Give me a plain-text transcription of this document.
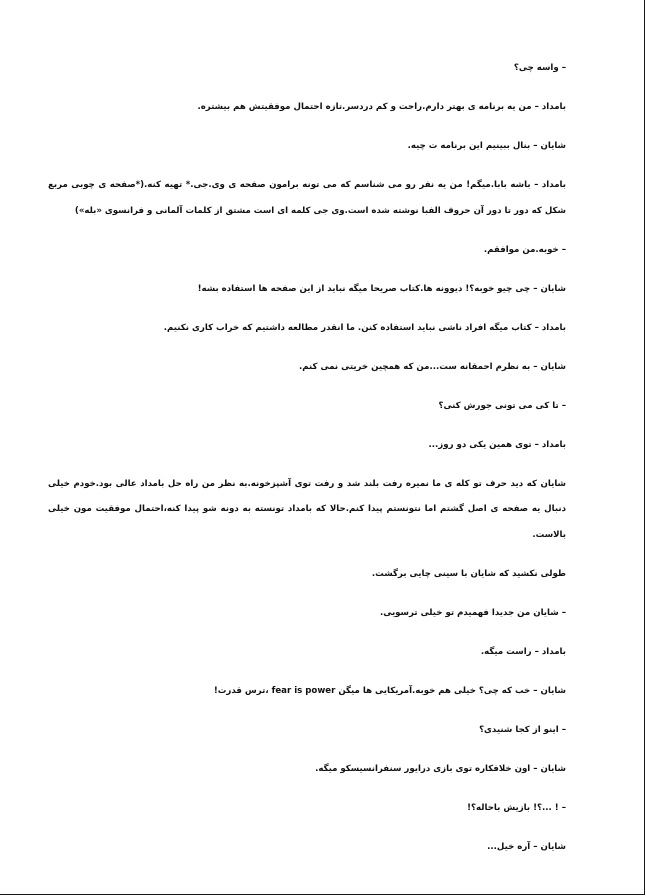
– واسه چی؟

بامداد – من یه برنامه ی بهتر دارم.راحت و کم دردسر.تازه احتمال موفقیتش هم بیشتره.

شایان – بنال ببینیم این برنامه ت چیه.

بامداد – باشه بابا.میگم! من یه نفر رو می شناسم که می تونه برامون صفحه ی وی.جی.* تهیه کنه.(*صفحه ی چوبی مربع شکل که دور تا دور آن حروف الفبا نوشته شده است.وی جی کلمه ای است مشتق از کلمات آلمانی و فرانسوی «بله»)

– خوبه.من موافقم.

شایان – چی چیو خوبه؟! دیوونه ها.کتاب صریحا میگه نباید از این صفحه ها استفاده بشه!

بامداد – کتاب میگه افراد ناشی نباید استفاده کنن. ما انقدر مطالعه داشتیم که خراب کاری نکنیم.

شایان – به نظرم احمقانه ست...من که همچین خریتی نمی کنم.

– تا کی می تونی جورش کنی؟

بامداد – توی همین یکی دو روز...

شایان که دید حرف تو کله ی ما نمیره رفت بلند شد و رفت توی آشپزخونه.به نظر من راه حل بامداد عالی بود.خودم خیلی دنبال یه صفحه ی اصل گشتم اما نتونستم پیدا کنم.حالا که بامداد تونسته به دونه شو پیدا کنه،احتمال موفقیت مون خیلی بالاست.

طولی نکشید که شایان با سینی چایی برگشت.

– شایان من جدیدا فهمیدم تو خیلی ترسویی.

بامداد – راست میگه.

شایان – خب که چی؟ خیلی هم خوبه.آمریکایی ها میگن fear is power ،ترس قدرت!

– اینو از کجا شنیدی؟

شایان – اون خلافکاره توی بازی درایور سنفرانسیسکو میگه.

– ! ...؟! بازیش باحاله؟!

شایان – آره خیل...
